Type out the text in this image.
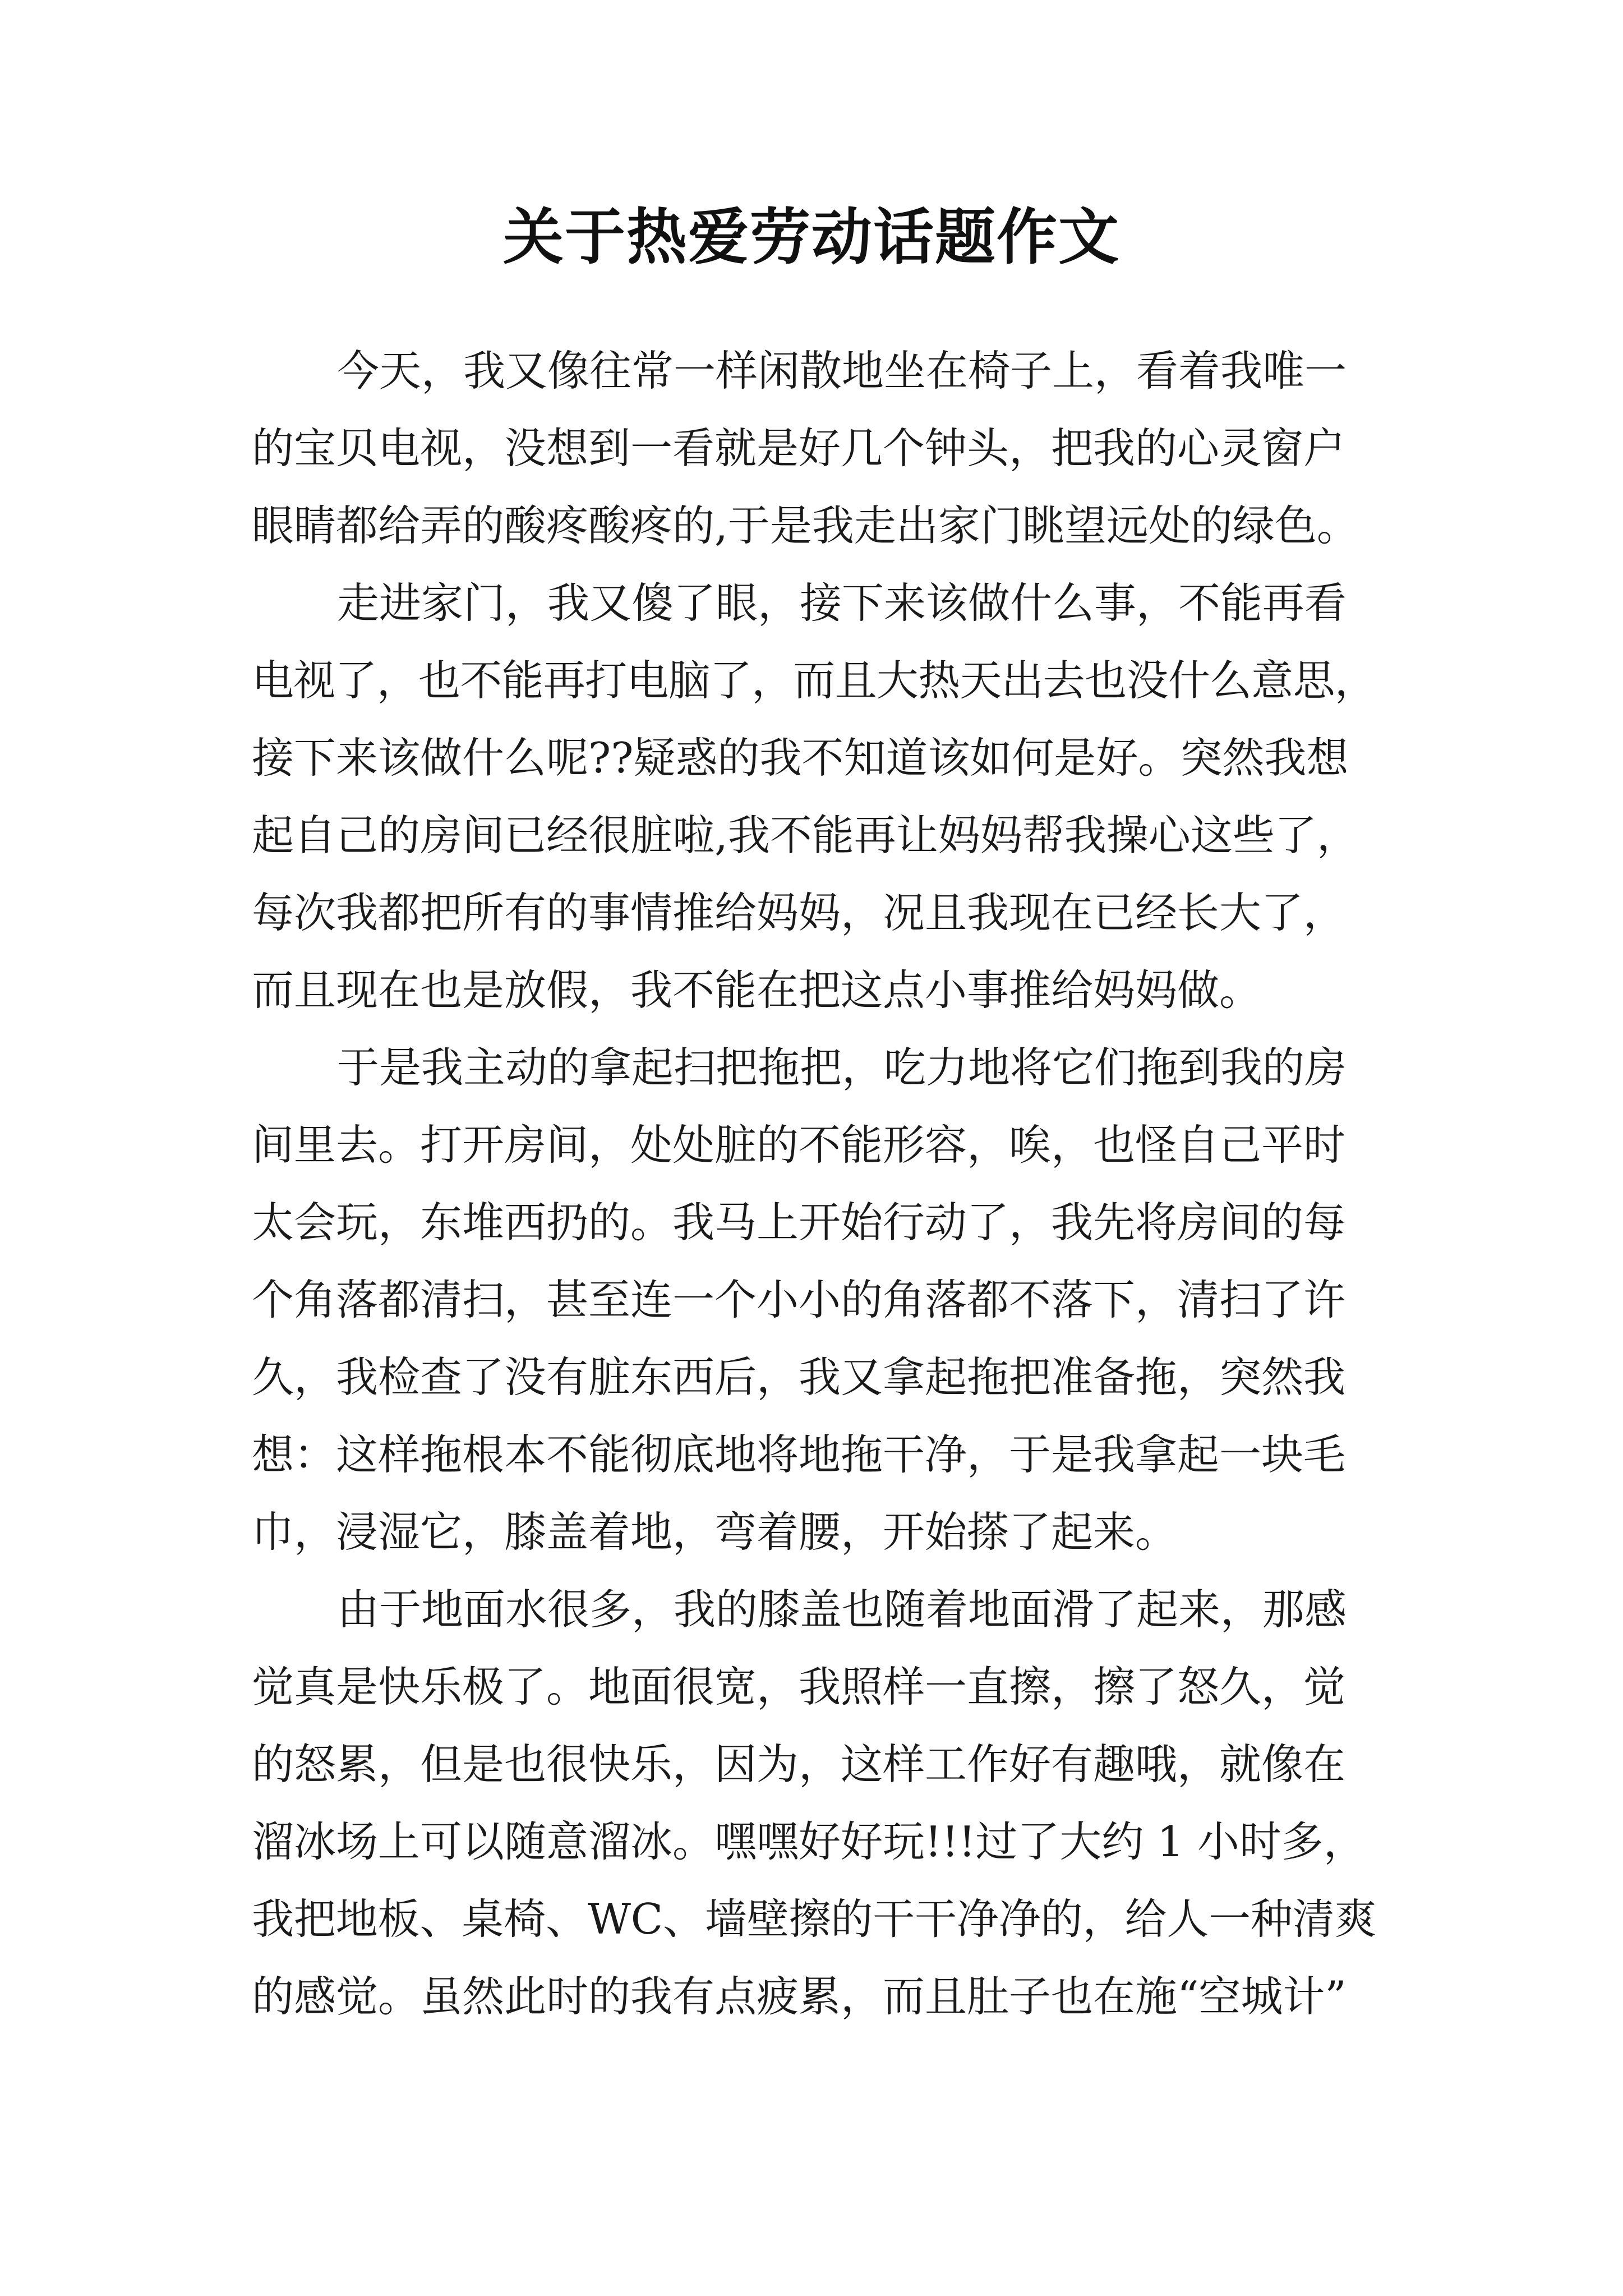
关于热爱劳动话题作文
今天，我又像往常一样闲散地坐在椅子上，看着我唯一
的宝贝电视，没想到一看就是好几个钟头，把我的心灵窗户
眼睛都给弄的酸疼酸疼的,于是我走出家门眺望远处的绿色。
走进家门，我又傻了眼，接下来该做什么事，不能再看
电视了，也不能再打电脑了，而且大热天出去也没什么意思，
接下来该做什么呢??疑惑的我不知道该如何是好。突然我想
起自己的房间已经很脏啦,我不能再让妈妈帮我操心这些了，
每次我都把所有的事情推给妈妈，况且我现在已经长大了，
而且现在也是放假，我不能在把这点小事推给妈妈做。
于是我主动的拿起扫把拖把，吃力地将它们拖到我的房
间里去。打开房间，处处脏的不能形容，唉，也怪自己平时
太会玩，东堆西扔的。我马上开始行动了，我先将房间的每
个角落都清扫，甚至连一个小小的角落都不落下，清扫了许
久，我检查了没有脏东西后，我又拿起拖把准备拖，突然我
想：这样拖根本不能彻底地将地拖干净，于是我拿起一块毛
巾，浸湿它，膝盖着地，弯着腰，开始搽了起来。
由于地面水很多，我的膝盖也随着地面滑了起来，那感
觉真是快乐极了。地面很宽，我照样一直擦，擦了怒久，觉
的怒累，但是也很快乐，因为，这样工作好有趣哦，就像在
溜冰场上可以随意溜冰。嘿嘿好好玩!!!过了大约 1 小时多，
我把地板、桌椅、WC、墙壁擦的干干净净的，给人一种清爽
的感觉。虽然此时的我有点疲累，而且肚子也在施“空城计”
